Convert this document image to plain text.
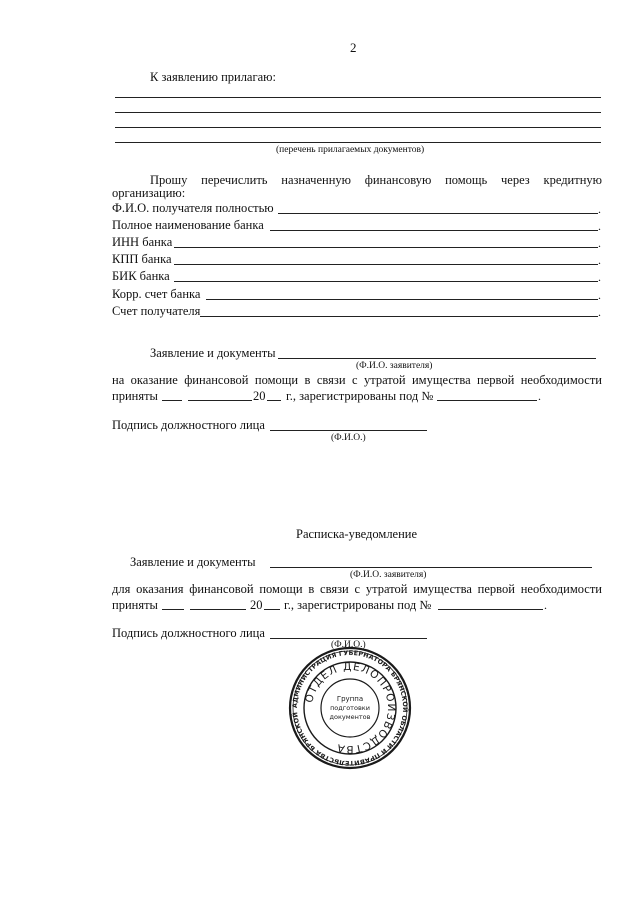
2
К заявлению прилагаю:
(перечень прилагаемых документов)
Прошу перечислить назначенную финансовую помощь через кредитную
организацию:
Ф.И.О. получателя полностью	.
Полное наименование банка	.
ИНН банка	.
КПП банка	.
БИК банка	.
Корр. счет банка	.
Счет получателя	.
Заявление и документы
(Ф.И.О. заявителя)
на оказание финансовой помощи в связи с утратой имущества первой необходимости
приняты	20 г., зарегистрированы под №	.
Подпись должностного лица
(Ф.И.О.)
Расписка-уведомление
Заявление и документы
(Ф.И.О. заявителя)
для оказания финансовой помощи в связи с утратой имущества первой необходимости
приняты	20 г., зарегистрированы под №	.
Подпись должностного лица
(Ф.И.О.)
АДМИНИСТРАЦИЯ ГУБЕРНАТОРА БРЯНСКОЙ ОБЛАСТИ И ПРАВИТЕЛЬСТВА БРЯНСКОЙ
ОТДЕЛ ДЕЛОПРОИЗВОДСТВА
Группа
подготовки
документов
